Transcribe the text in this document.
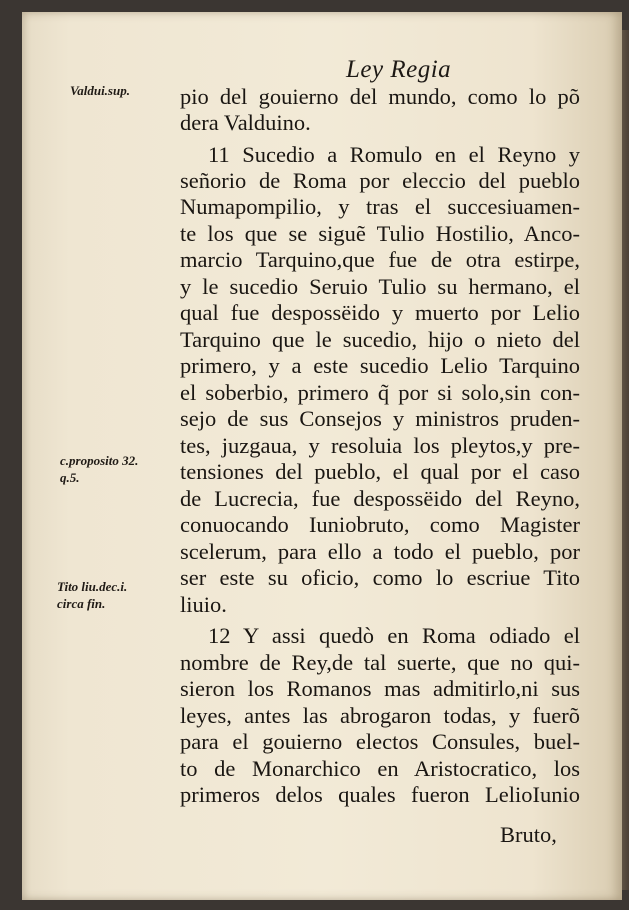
Ley Regia
Valdui.sup.
c.proposito 32.
q.5.
Tito liu.dec.i.
circa fin.
pio del gouierno del mundo, como lo põ
dera Valduino.
11 Sucedio a Romulo en el Reyno y
señorio de Roma por eleccio del pueblo
Numapompilio, y tras el succesiuamen-
te los que se siguẽ Tulio Hostilio, Anco-
marcio Tarquino,que fue de otra estirpe,
y le sucedio Seruio Tulio su hermano, el
qual fue despossëido y muerto por Lelio
Tarquino que le sucedio, hijo o nieto del
primero, y a este sucedio Lelio Tarquino
el soberbio, primero q̃ por si solo,sin con-
sejo de sus Consejos y ministros pruden-
tes, juzgaua, y resoluia los pleytos,y pre-
tensiones del pueblo, el qual por el caso
de Lucrecia, fue despossëido del Reyno,
conuocando Iuniobruto, como Magister
scelerum, para ello a todo el pueblo, por
ser este su oficio, como lo escriue Tito
liuio.
12 Y assi quedò en Roma odiado el
nombre de Rey,de tal suerte, que no qui-
sieron los Romanos mas admitirlo,ni sus
leyes, antes las abrogaron todas, y fuerõ
para el gouierno electos Consules, buel-
to de Monarchico en Aristocratico, los
primeros delos quales fueron LelioIunio
Bruto,
